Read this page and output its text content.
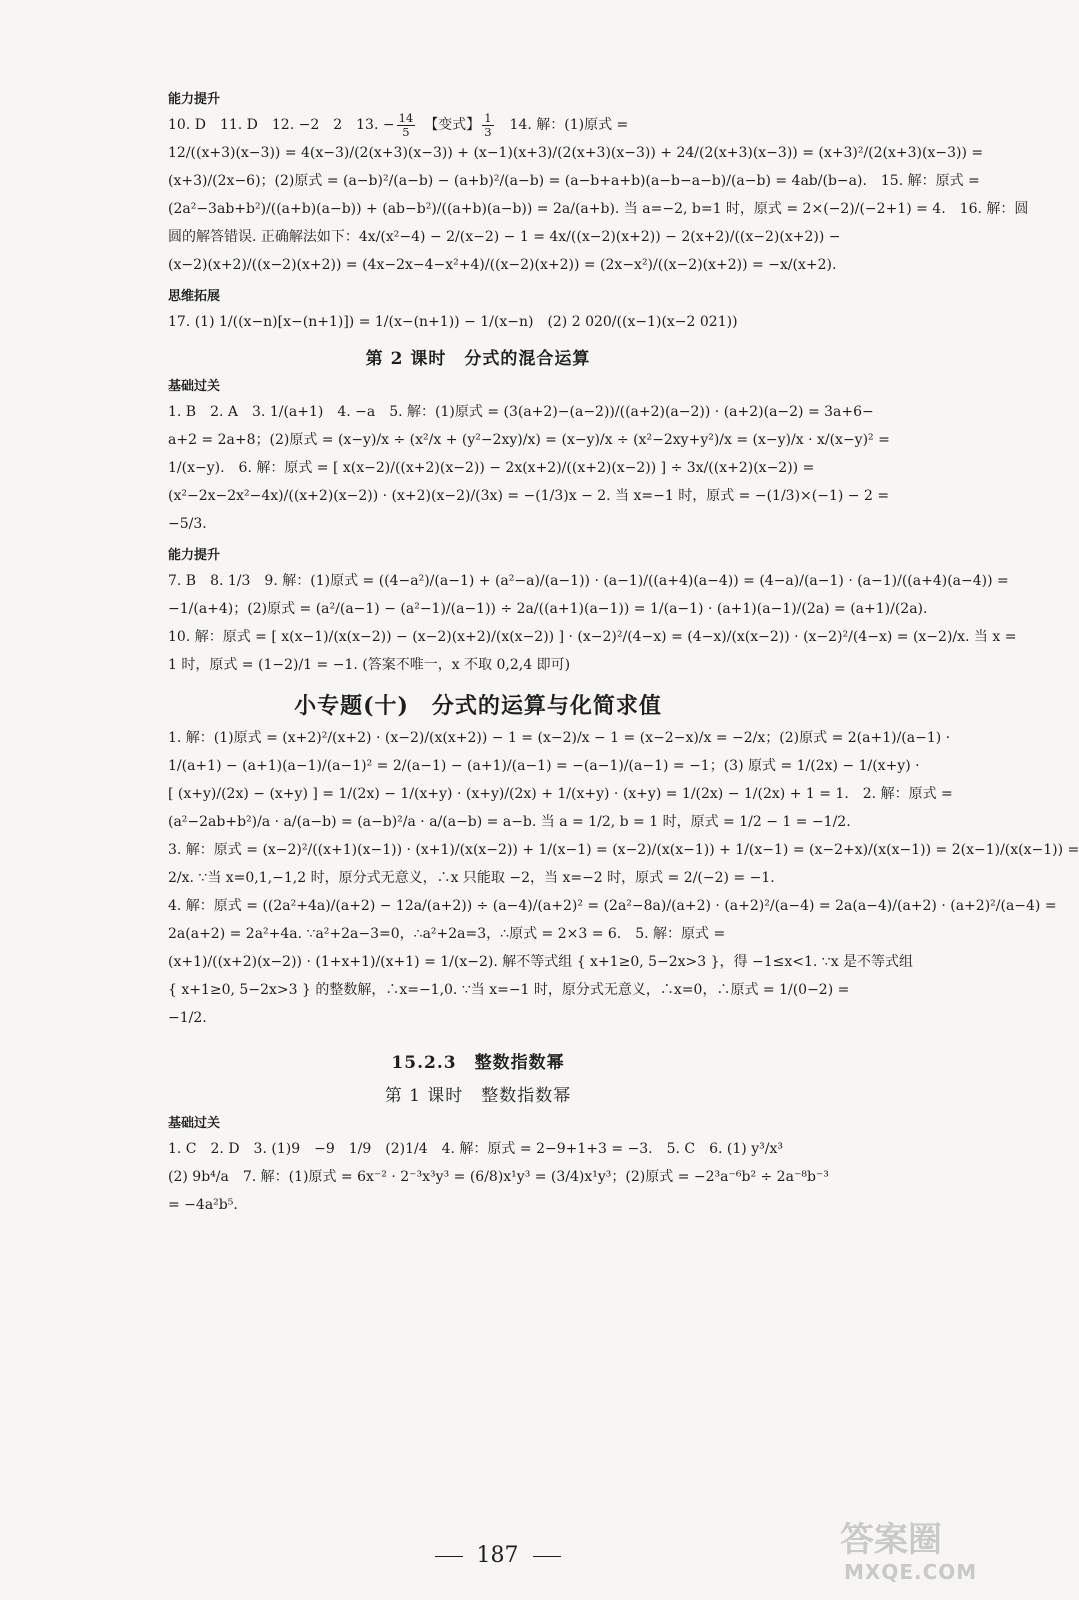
能力提升
10. D　11. D　12. −2　2　13. − $\frac{14}{5}$ 　【变式】 $\frac{1}{3}$ 　14. 解：(1)原式 =
12/((x+3)(x−3)) = 4(x−3)/(2(x+3)(x−3)) + (x−1)(x+3)/(2(x+3)(x−3)) + 24/(2(x+3)(x−3)) = (x+3)²/(2(x+3)(x−3)) =
(x+3)/(2x−6)；(2)原式 = (a−b)²/(a−b) − (a+b)²/(a−b) = (a−b+a+b)(a−b−a−b)/(a−b) = 4ab/(b−a).　15. 解：原式 =
(2a²−3ab+b²)/((a+b)(a−b)) + (ab−b²)/((a+b)(a−b)) = 2a/(a+b). 当 a=−2, b=1 时，原式 = 2×(−2)/(−2+1) = 4.　16. 解：圆
圆的解答错误. 正确解法如下：4x/(x²−4) − 2/(x−2) − 1 = 4x/((x−2)(x+2)) − 2(x+2)/((x−2)(x+2)) −
(x−2)(x+2)/((x−2)(x+2)) = (4x−2x−4−x²+4)/((x−2)(x+2)) = (2x−x²)/((x−2)(x+2)) = −x/(x+2).
思维拓展
17. (1) 1/((x−n)[x−(n+1)]) = 1/(x−(n+1)) − 1/(x−n)　(2) 2 020/((x−1)(x−2 021))
第 2 课时　分式的混合运算
基础过关
1. B　2. A　3. 1/(a+1)　4. −a　5. 解：(1)原式 = (3(a+2)−(a−2))/((a+2)(a−2)) · (a+2)(a−2) = 3a+6−
a+2 = 2a+8；(2)原式 = (x−y)/x ÷ (x²/x + (y²−2xy)/x) = (x−y)/x ÷ (x²−2xy+y²)/x = (x−y)/x · x/(x−y)² =
1/(x−y).　6. 解：原式 = [ x(x−2)/((x+2)(x−2)) − 2x(x+2)/((x+2)(x−2)) ] ÷ 3x/((x+2)(x−2)) =
(x²−2x−2x²−4x)/((x+2)(x−2)) · (x+2)(x−2)/(3x) = −(1/3)x − 2. 当 x=−1 时，原式 = −(1/3)×(−1) − 2 =
−5/3.
能力提升
7. B　8. 1/3　9. 解：(1)原式 = ((4−a²)/(a−1) + (a²−a)/(a−1)) · (a−1)/((a+4)(a−4)) = (4−a)/(a−1) · (a−1)/((a+4)(a−4)) =
−1/(a+4)；(2)原式 = (a²/(a−1) − (a²−1)/(a−1)) ÷ 2a/((a+1)(a−1)) = 1/(a−1) · (a+1)(a−1)/(2a) = (a+1)/(2a).
10. 解：原式 = [ x(x−1)/(x(x−2)) − (x−2)(x+2)/(x(x−2)) ] · (x−2)²/(4−x) = (4−x)/(x(x−2)) · (x−2)²/(4−x) = (x−2)/x. 当 x =
1 时，原式 = (1−2)/1 = −1. (答案不唯一，x 不取 0,2,4 即可)
小专题(十)　分式的运算与化简求值
1. 解：(1)原式 = (x+2)²/(x+2) · (x−2)/(x(x+2)) − 1 = (x−2)/x − 1 = (x−2−x)/x = −2/x；(2)原式 = 2(a+1)/(a−1) ·
1/(a+1) − (a+1)(a−1)/(a−1)² = 2/(a−1) − (a+1)/(a−1) = −(a−1)/(a−1) = −1；(3) 原式 = 1/(2x) − 1/(x+y) ·
[ (x+y)/(2x) − (x+y) ] = 1/(2x) − 1/(x+y) · (x+y)/(2x) + 1/(x+y) · (x+y) = 1/(2x) − 1/(2x) + 1 = 1.　2. 解：原式 =
(a²−2ab+b²)/a · a/(a−b) = (a−b)²/a · a/(a−b) = a−b. 当 a = 1/2, b = 1 时，原式 = 1/2 − 1 = −1/2.
3. 解：原式 = (x−2)²/((x+1)(x−1)) · (x+1)/(x(x−2)) + 1/(x−1) = (x−2)/(x(x−1)) + 1/(x−1) = (x−2+x)/(x(x−1)) = 2(x−1)/(x(x−1)) =
2/x. ∵当 x=0,1,−1,2 时，原分式无意义，∴x 只能取 −2，当 x=−2 时，原式 = 2/(−2) = −1.
4. 解：原式 = ((2a²+4a)/(a+2) − 12a/(a+2)) ÷ (a−4)/(a+2)² = (2a²−8a)/(a+2) · (a+2)²/(a−4) = 2a(a−4)/(a+2) · (a+2)²/(a−4) =
2a(a+2) = 2a²+4a. ∵a²+2a−3=0，∴a²+2a=3，∴原式 = 2×3 = 6.　5. 解：原式 =
(x+1)/((x+2)(x−2)) · (1+x+1)/(x+1) = 1/(x−2). 解不等式组 { x+1≥0, 5−2x>3 }，得 −1≤x<1. ∵x 是不等式组
{ x+1≥0, 5−2x>3 } 的整数解，∴x=−1,0. ∵当 x=−1 时，原分式无意义，∴x=0，∴原式 = 1/(0−2) =
−1/2.
15.2.3　整数指数幂
第 1 课时　整数指数幂
基础过关
1. C　2. D　3. (1)9　−9　1/9　(2)1/4　4. 解：原式 = 2−9+1+3 = −3.　5. C　6. (1) y³/x³
(2) 9b⁴/a　7. 解：(1)原式 = 6x⁻² · 2⁻³x³y³ = (6/8)x¹y³ = (3/4)x¹y³；(2)原式 = −2³a⁻⁶b² ÷ 2a⁻⁸b⁻³
= −4a²b⁵.
187	答案圈
MXQE.COM
